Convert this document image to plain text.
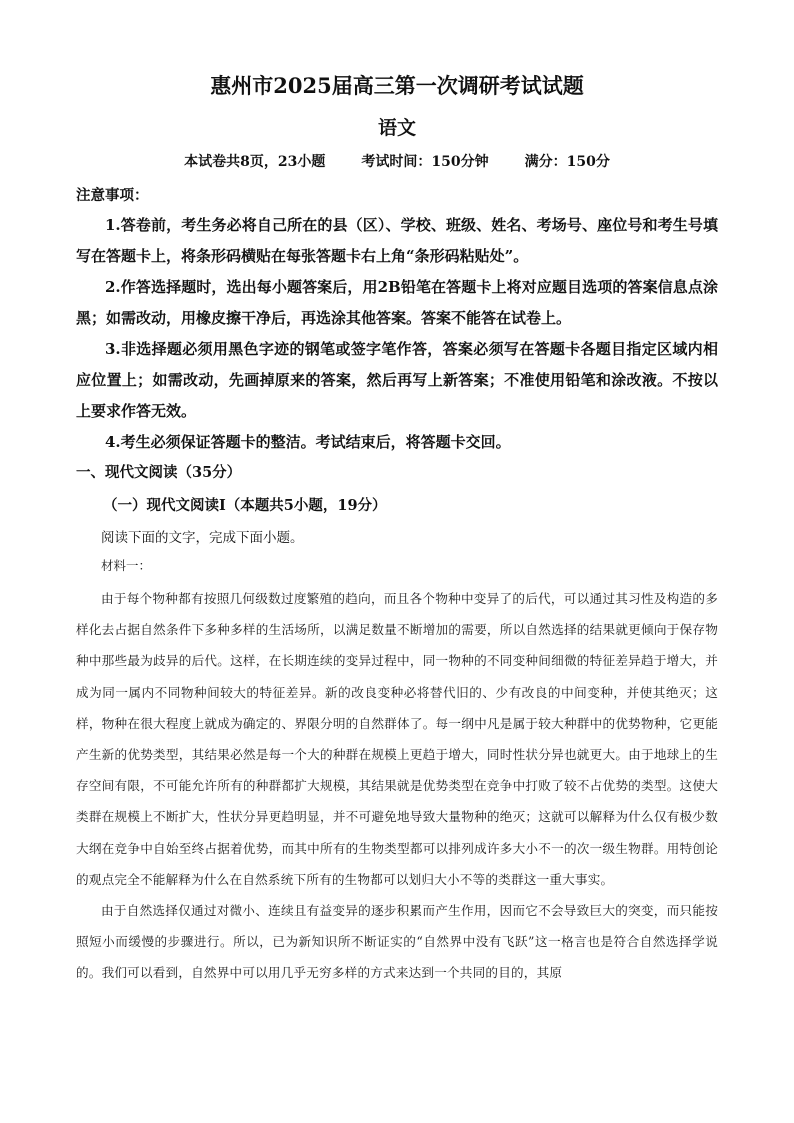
惠州市2025届高三第一次调研考试试题
语文
本试卷共8页，23小题	考试时间：150分钟	满分：150分
注意事项：

1.答卷前，考生务必将自己所在的县（区）、学校、班级、姓名、考场号、座位号和考生号填写在答题卡上，将条形码横贴在每张答题卡右上角“条形码粘贴处”。

2.作答选择题时，选出每小题答案后，用2B铅笔在答题卡上将对应题目选项的答案信息点涂黑；如需改动，用橡皮擦干净后，再选涂其他答案。答案不能答在试卷上。

3.非选择题必须用黑色字迹的钢笔或签字笔作答，答案必须写在答题卡各题目指定区域内相应位置上；如需改动，先画掉原来的答案，然后再写上新答案；不准使用铅笔和涂改液。不按以上要求作答无效。

4.考生必须保证答题卡的整洁。考试结束后，将答题卡交回。

一、现代文阅读（35分）
（一）现代文阅读Ⅰ（本题共5小题，19分）
阅读下面的文字，完成下面小题。
材料一：

由于每个物种都有按照几何级数过度繁殖的趋向，而且各个物种中变异了的后代，可以通过其习性及构造的多样化去占据自然条件下多种多样的生活场所，以满足数量不断增加的需要，所以自然选择的结果就更倾向于保存物种中那些最为歧异的后代。这样，在长期连续的变异过程中，同一物种的不同变种间细微的特征差异趋于增大，并成为同一属内不同物种间较大的特征差异。新的改良变种必将替代旧的、少有改良的中间变种，并使其绝灭；这样，物种在很大程度上就成为确定的、界限分明的自然群体了。每一纲中凡是属于较大种群中的优势物种，它更能产生新的优势类型，其结果必然是每一个大的种群在规模上更趋于增大，同时性状分异也就更大。由于地球上的生存空间有限，不可能允许所有的种群都扩大规模，其结果就是优势类型在竞争中打败了较不占优势的类型。这使大类群在规模上不断扩大，性状分异更趋明显，并不可避免地导致大量物种的绝灭；这就可以解释为什么仅有极少数大纲在竞争中自始至终占据着优势，而其中所有的生物类型都可以排列成许多大小不一的次一级生物群。用特创论的观点完全不能解释为什么在自然系统下所有的生物都可以划归大小不等的类群这一重大事实。

由于自然选择仅通过对微小、连续且有益变异的逐步积累而产生作用，因而它不会导致巨大的突变，而只能按照短小而缓慢的步骤进行。所以，已为新知识所不断证实的“自然界中没有飞跃”这一格言也是符合自然选择学说的。我们可以看到，自然界中可以用几乎无穷多样的方式来达到一个共同的目的，其原
